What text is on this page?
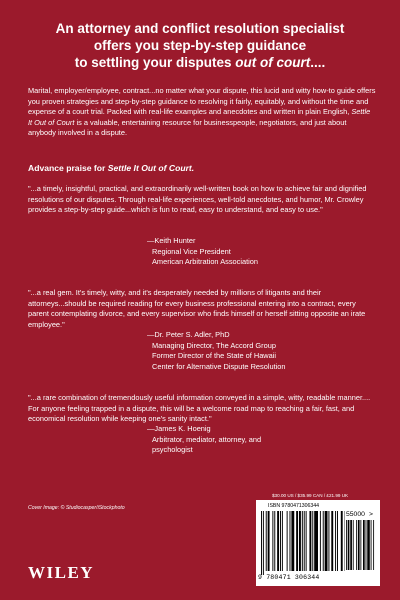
An attorney and conflict resolution specialist
offers you step-by-step guidance
to settling your disputes out of court....
Marital, employer/employee, contract...no matter what your dispute, this lucid and witty how-to guide offers you proven strategies and step-by-step guidance to resolving it fairly, equitably, and without the time and expense of a court trial. Packed with real-life examples and anecdotes and written in plain English, Settle It Out of Court is a valuable, entertaining resource for businesspeople, negotiators, and just about anybody involved in a dispute.
Advance praise for Settle It Out of Court.

"...a timely, insightful, practical, and extraordinarily well-written book on how to achieve fair and dignified resolutions of our disputes. Through real-life experiences, well-told anecdotes, and humor, Mr. Crowley provides a step-by-step guide...which is fun to read, easy to understand, and easy to use."

—Keith Hunter
Regional Vice President
American Arbitration Association

"...a real gem. It's timely, witty, and it's desperately needed by millions of litigants and their attorneys...should be required reading for every business professional entering into a contract, every parent contemplating divorce, and every supervisor who finds himself or herself sitting opposite an irate employee."

—Dr. Peter S. Adler, PhD
Managing Director, The Accord Group
Former Director of the State of Hawaii
Center for Alternative Dispute Resolution

"...a rare combination of tremendously useful information conveyed in a simple, witty, readable manner.... For anyone feeling trapped in a dispute, this will be a welcome road map to reaching a fair, fast, and economical resolution while keeping one's sanity intact."

—James K. Hoenig
Arbitrator, mediator, attorney, and
psychologist
Cover Image: © Studiocasper/iStockphoto
WILEY
$30.00 US / $35.99 CAN / £21.99 UK
ISBN 9780471306344
55000 >
9 780471 306344
